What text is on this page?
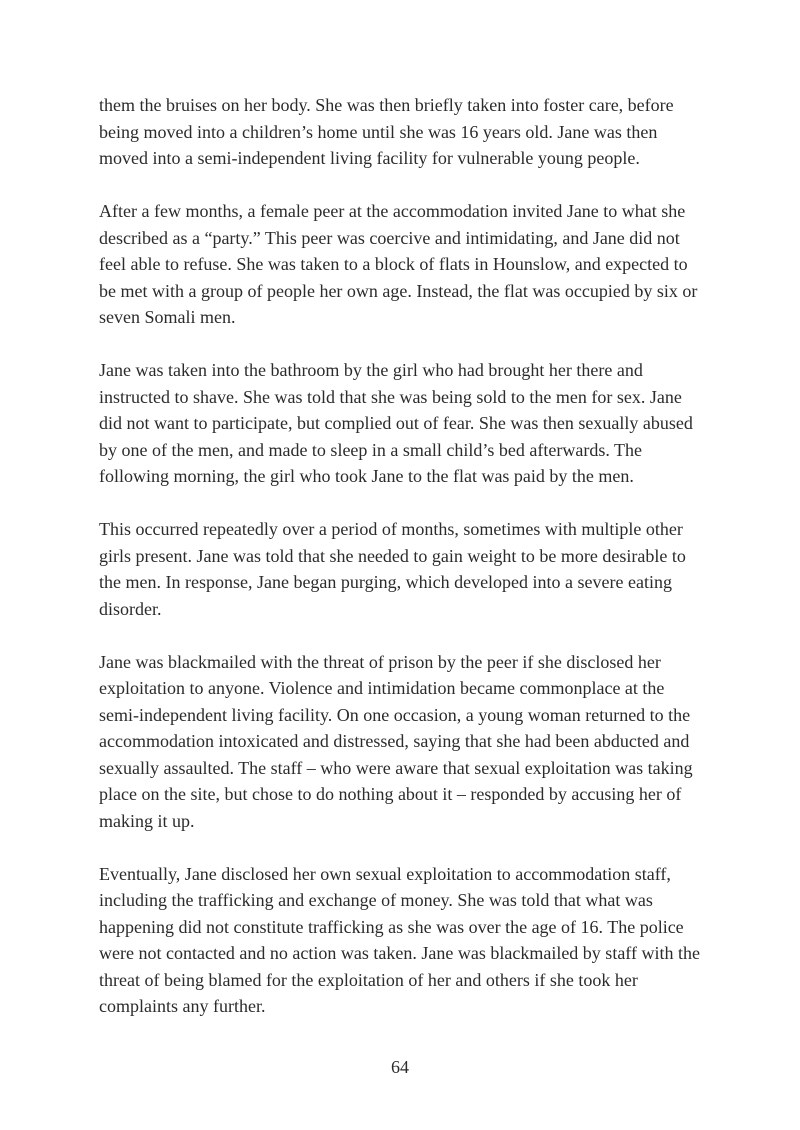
them the bruises on her body. She was then briefly taken into foster care, before being moved into a children’s home until she was 16 years old. Jane was then moved into a semi-independent living facility for vulnerable young people.

After a few months, a female peer at the accommodation invited Jane to what she described as a “party.” This peer was coercive and intimidating, and Jane did not feel able to refuse. She was taken to a block of flats in Hounslow, and expected to be met with a group of people her own age. Instead, the flat was occupied by six or seven Somali men.

Jane was taken into the bathroom by the girl who had brought her there and instructed to shave. She was told that she was being sold to the men for sex. Jane did not want to participate, but complied out of fear. She was then sexually abused by one of the men, and made to sleep in a small child’s bed afterwards. The following morning, the girl who took Jane to the flat was paid by the men.

This occurred repeatedly over a period of months, sometimes with multiple other girls present. Jane was told that she needed to gain weight to be more desirable to the men. In response, Jane began purging, which developed into a severe eating disorder.

Jane was blackmailed with the threat of prison by the peer if she disclosed her exploitation to anyone. Violence and intimidation became commonplace at the semi-independent living facility. On one occasion, a young woman returned to the accommodation intoxicated and distressed, saying that she had been abducted and sexually assaulted. The staff – who were aware that sexual exploitation was taking place on the site, but chose to do nothing about it – responded by accusing her of making it up.

Eventually, Jane disclosed her own sexual exploitation to accommodation staff, including the trafficking and exchange of money. She was told that what was happening did not constitute trafficking as she was over the age of 16. The police were not contacted and no action was taken. Jane was blackmailed by staff with the threat of being blamed for the exploitation of her and others if she took her complaints any further.

64
